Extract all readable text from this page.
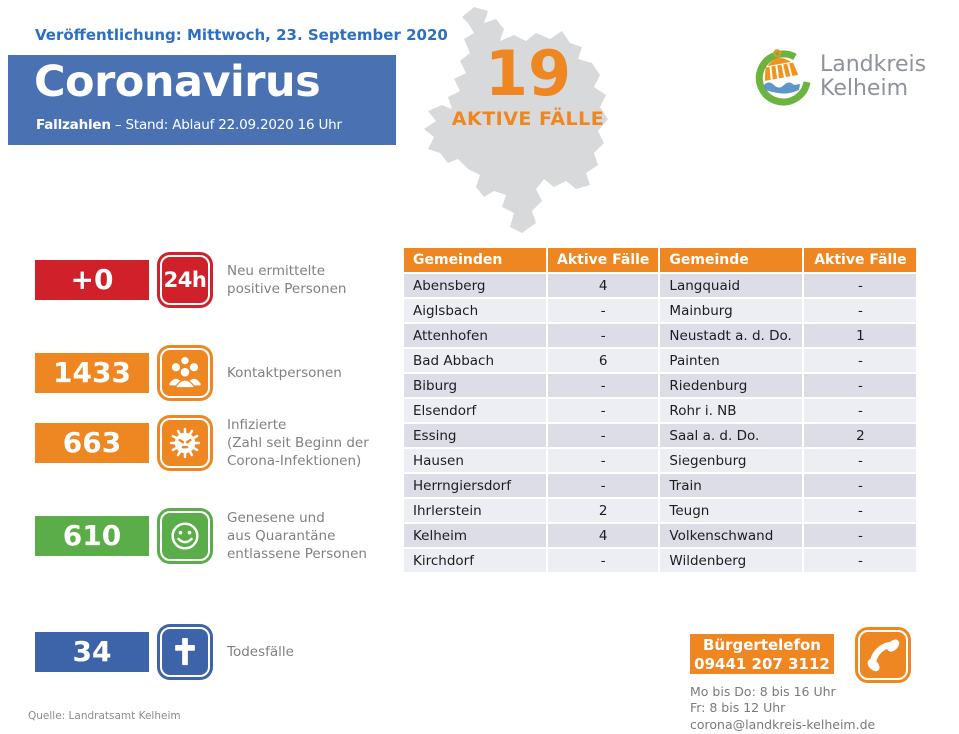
Veröffentlichung: Mittwoch, 23. September 2020
Coronavirus
Fallzahlen – Stand: Ablauf 22.09.2020 16 Uhr
19
AKTIVE FÄLLE
Landkreis
Kelheim
+0	24h Neu ermittelte
positive Personen
1433	Kontaktpersonen
663
Infizierte
(Zahl seit Beginn der
Corona-Infektionen)
610
Genesene und
aus Quarantäne
entlassene Personen
34	Todesfälle
Gemeinden	Aktive Fälle	Gemeinde	Aktive Fälle
Abensberg	4	Langquaid	-
Aiglsbach	-	Mainburg	-
Attenhofen	-	Neustadt a. d. Do.	1
Bad Abbach	6	Painten	-
Biburg	-	Riedenburg	-
Elsendorf	-	Rohr i. NB	-
Essing	-	Saal a. d. Do.	2
Hausen	-	Siegenburg	-
Herrngiersdorf	-	Train	-
Ihrlerstein	2	Teugn	-
Kelheim	4	Volkenschwand	-
Kirchdorf	-	Wildenberg	-
Bürgertelefon
09441 207 3112
Mo bis Do: 8 bis 16 Uhr
Fr: 8 bis 12 Uhr
corona@landkreis-kelheim.de
Quelle: Landratsamt Kelheim
